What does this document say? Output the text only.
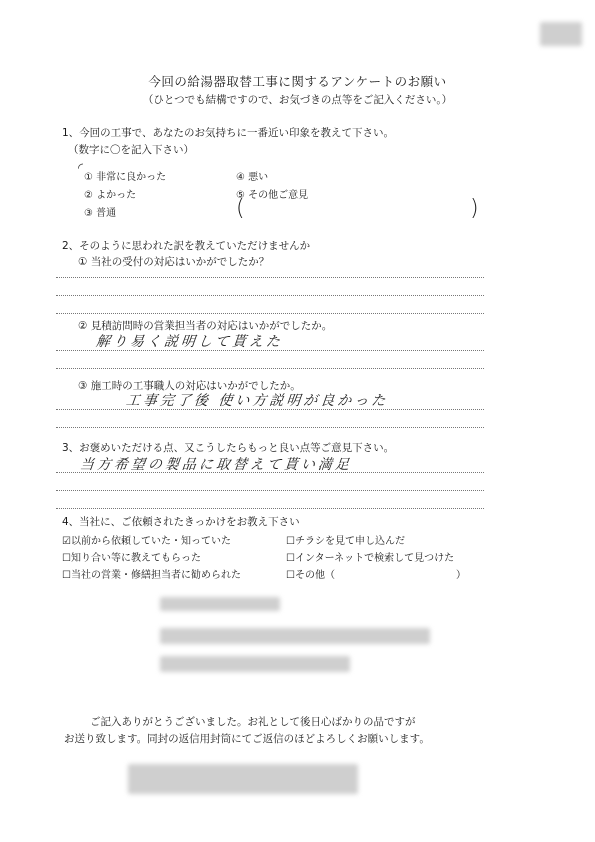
今回の給湯器取替工事に関するアンケートのお願い
（ひとつでも結構ですので、お気づきの点等をご記入ください。）
1、今回の工事で、あなたのお気持ちに一番近い印象を教えて下さい。
（数字に〇を記入下さい）
◜
① 非常に良かった
② よかった
③ 普通
④ 悪い
⑤ その他ご意見
(	)
2、そのように思われた訳を教えていただけませんか
① 当社の受付の対応はいかがでしたか？
② 見積訪問時の営業担当者の対応はいかがでしたか。
解り易く説明して貰えた
③ 施工時の工事職人の対応はいかがでしたか。
工事完了後 使い方説明が良かった
3、お褒めいただける点、又こうしたらもっと良い点等ご意見下さい。
当方希望の製品に取替えて貰い満足
4、当社に、ご依頼されたきっかけをお教え下さい
☑以前から依頼していた・知っていた
☐知り合い等に教えてもらった
☐当社の営業・修繕担当者に勧められた
☐チラシを見て申し込んだ
☐インターネットで検索して見つけた
☐その他（	）
ご記入ありがとうございました。お礼として後日心ばかりの品ですが
お送り致します。同封の返信用封筒にてご返信のほどよろしくお願いします。
